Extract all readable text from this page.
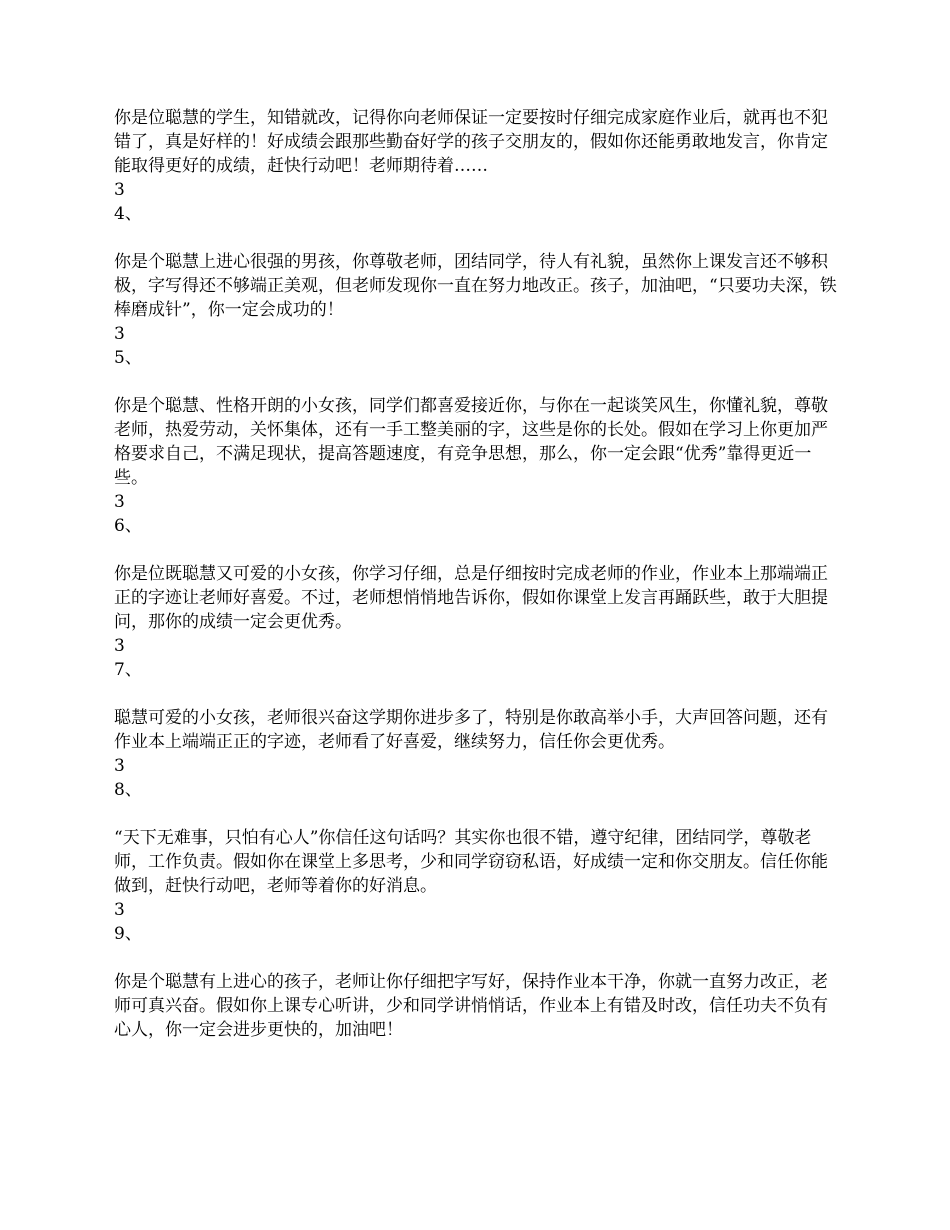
你是位聪慧的学生，知错就改，记得你向老师保证一定要按时仔细完成家庭作业后，就再也不犯错了，真是好样的！好成绩会跟那些勤奋好学的孩子交朋友的，假如你还能勇敢地发言，你肯定能取得更好的成绩，赶快行动吧！老师期待着……

3

4、

你是个聪慧上进心很强的男孩，你尊敬老师，团结同学，待人有礼貌，虽然你上课发言还不够积极，字写得还不够端正美观，但老师发现你一直在努力地改正。孩子，加油吧，“只要功夫深，铁棒磨成针”，你一定会成功的！

3

5、

你是个聪慧、性格开朗的小女孩，同学们都喜爱接近你，与你在一起谈笑风生，你懂礼貌，尊敬老师，热爱劳动，关怀集体，还有一手工整美丽的字，这些是你的长处。假如在学习上你更加严格要求自己，不满足现状，提高答题速度，有竞争思想，那么，你一定会跟“优秀”靠得更近一些。

3

6、

你是位既聪慧又可爱的小女孩，你学习仔细，总是仔细按时完成老师的作业，作业本上那端端正正的字迹让老师好喜爱。不过，老师想悄悄地告诉你，假如你课堂上发言再踊跃些，敢于大胆提问，那你的成绩一定会更优秀。

3

7、

聪慧可爱的小女孩，老师很兴奋这学期你进步多了，特别是你敢高举小手，大声回答问题，还有作业本上端端正正的字迹，老师看了好喜爱，继续努力，信任你会更优秀。

3

8、

“天下无难事，只怕有心人”你信任这句话吗？其实你也很不错，遵守纪律，团结同学，尊敬老师，工作负责。假如你在课堂上多思考，少和同学窃窃私语，好成绩一定和你交朋友。信任你能做到，赶快行动吧，老师等着你的好消息。

3

9、

你是个聪慧有上进心的孩子，老师让你仔细把字写好，保持作业本干净，你就一直努力改正，老师可真兴奋。假如你上课专心听讲，少和同学讲悄悄话，作业本上有错及时改，信任功夫不负有心人，你一定会进步更快的，加油吧！
